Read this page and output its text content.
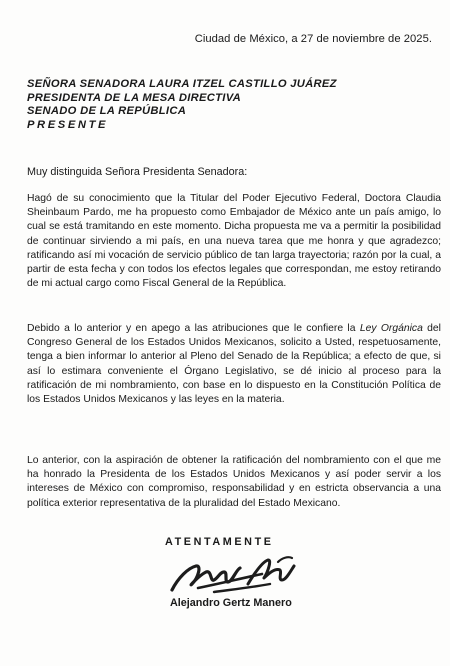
Ciudad de México, a 27 de noviembre de 2025.
SEÑORA SENADORA LAURA ITZEL CASTILLO JUÁREZ
PRESIDENTA DE LA MESA DIRECTIVA
SENADO DE LA REPÚBLICA
PRESENTE
Muy distinguida Señora Presidenta Senadora:
Hagó de su conocimiento que la Titular del Poder Ejecutivo Federal, Doctora Claudia Sheinbaum Pardo, me ha propuesto como Embajador de México ante un país amigo, lo cual se está tramitando en este momento. Dicha propuesta me va a permitir la posibilidad de continuar sirviendo a mi país, en una nueva tarea que me honra y que agradezco; ratificando así mi vocación de servicio público de tan larga trayectoria; razón por la cual, a partir de esta fecha y con todos los efectos legales que correspondan, me estoy retirando de mi actual cargo como Fiscal General de la República.
Debido a lo anterior y en apego a las atribuciones que le confiere la Ley Orgánica del Congreso General de los Estados Unidos Mexicanos, solicito a Usted, respetuosamente, tenga a bien informar lo anterior al Pleno del Senado de la República; a efecto de que, si así lo estimara conveniente el Órgano Legislativo, se dé inicio al proceso para la ratificación de mi nombramiento, con base en lo dispuesto en la Constitución Política de los Estados Unidos Mexicanos y las leyes en la materia.
Lo anterior, con la aspiración de obtener la ratificación del nombramiento con el que me ha honrado la Presidenta de los Estados Unidos Mexicanos y así poder servir a los intereses de México con compromiso, responsabilidad y en estricta observancia a una política exterior representativa de la pluralidad del Estado Mexicano.
ATENTAMENTE
Alejandro Gertz Manero
